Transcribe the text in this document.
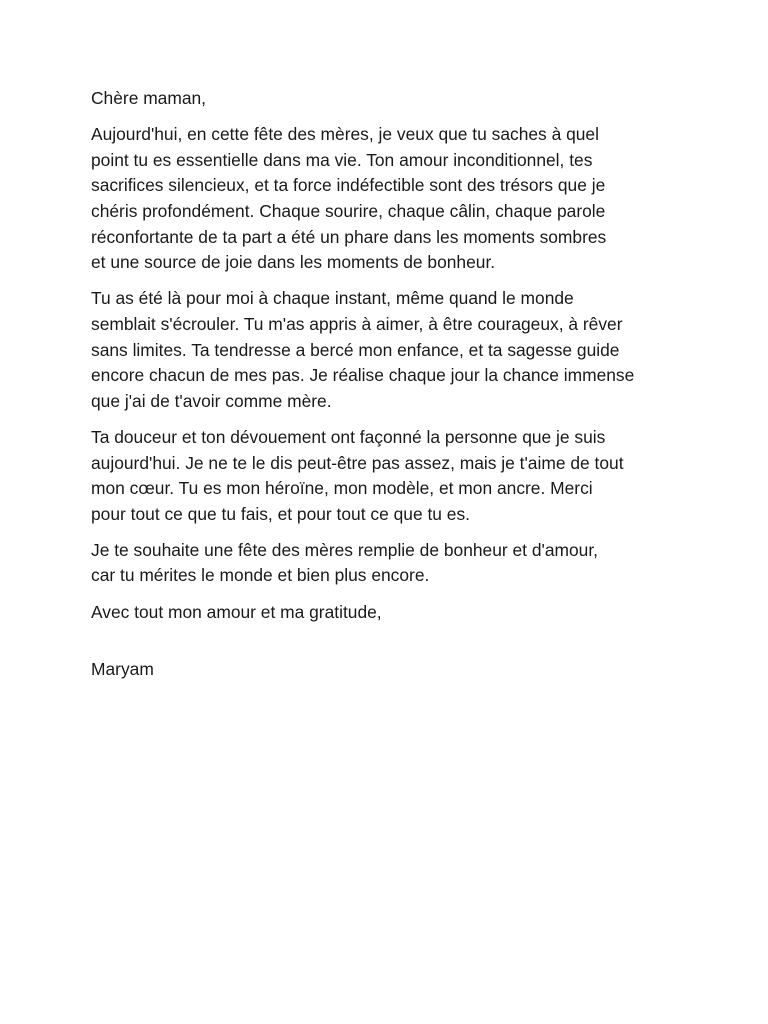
Chère maman,

Aujourd'hui, en cette fête des mères, je veux que tu saches à quel
point tu es essentielle dans ma vie. Ton amour inconditionnel, tes
sacrifices silencieux, et ta force indéfectible sont des trésors que je
chéris profondément. Chaque sourire, chaque câlin, chaque parole
réconfortante de ta part a été un phare dans les moments sombres
et une source de joie dans les moments de bonheur.

Tu as été là pour moi à chaque instant, même quand le monde
semblait s'écrouler. Tu m'as appris à aimer, à être courageux, à rêver
sans limites. Ta tendresse a bercé mon enfance, et ta sagesse guide
encore chacun de mes pas. Je réalise chaque jour la chance immense
que j'ai de t'avoir comme mère.

Ta douceur et ton dévouement ont façonné la personne que je suis
aujourd'hui. Je ne te le dis peut-être pas assez, mais je t'aime de tout
mon cœur. Tu es mon héroïne, mon modèle, et mon ancre. Merci
pour tout ce que tu fais, et pour tout ce que tu es.

Je te souhaite une fête des mères remplie de bonheur et d'amour,
car tu mérites le monde et bien plus encore.

Avec tout mon amour et ma gratitude,

Maryam
